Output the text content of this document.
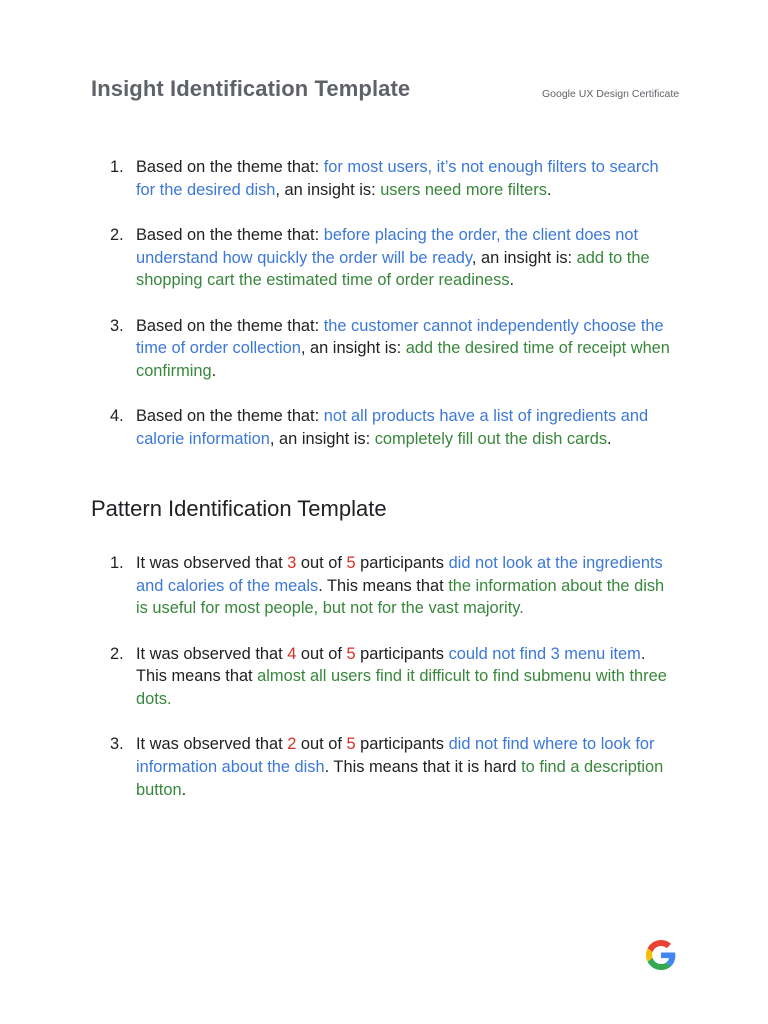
Insight Identification Template	Google UX Design Certificate
1. Based on the theme that: for most users, it’s not enough filters to search for the desired dish, an insight is: users need more filters.
2. Based on the theme that: before placing the order, the client does not understand how quickly the order will be ready, an insight is: add to the shopping cart the estimated time of order readiness.
3. Based on the theme that: the customer cannot independently choose the time of order collection, an insight is: add the desired time of receipt when confirming.
4. Based on the theme that: not all products have a list of ingredients and calorie information, an insight is: completely fill out the dish cards.
Pattern Identification Template
1. It was observed that 3 out of 5 participants did not look at the ingredients and calories of the meals. This means that the information about the dish is useful for most people, but not for the vast majority.
2. It was observed that 4 out of 5 participants could not find 3 menu item. This means that almost all users find it difficult to find submenu with three dots.
3. It was observed that 2 out of 5 participants did not find where to look for information about the dish. This means that it is hard to find a description button.
